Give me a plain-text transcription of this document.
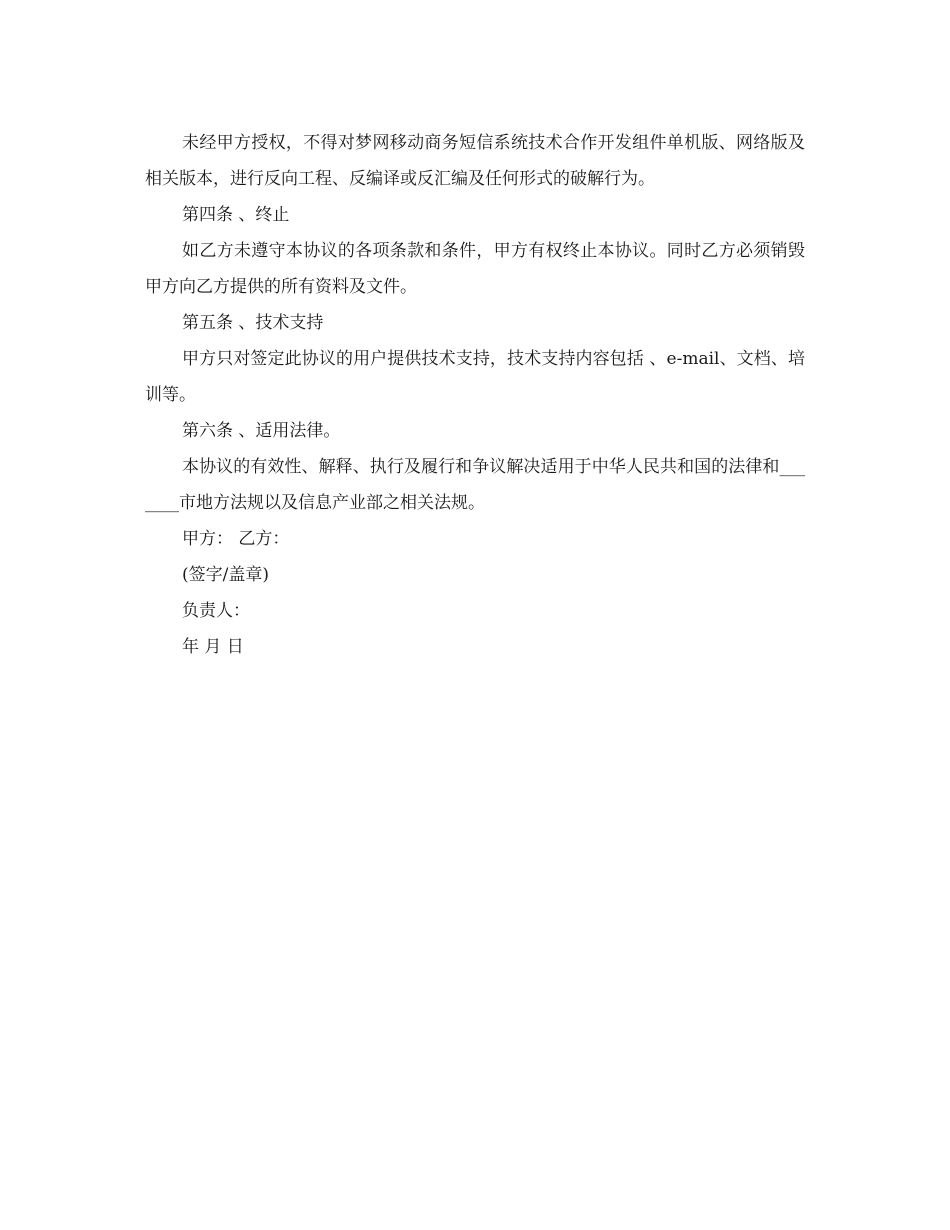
未经甲方授权，不得对梦网移动商务短信系统技术合作开发组件单机版、网络版及相关版本，进行反向工程、反编译或反汇编及任何形式的破解行为。

第四条 、终止

如乙方未遵守本协议的各项条款和条件，甲方有权终止本协议。同时乙方必须销毁甲方向乙方提供的所有资料及文件。

第五条 、技术支持

甲方只对签定此协议的用户提供技术支持，技术支持内容包括 、e-mail、文档、培训等。

第六条 、适用法律。

本协议的有效性、解释、执行及履行和争议解决适用于中华人民共和国的法律和_______市地方法规以及信息产业部之相关法规。

甲方： 乙方：

(签字/盖章)

负责人：

年 月 日
